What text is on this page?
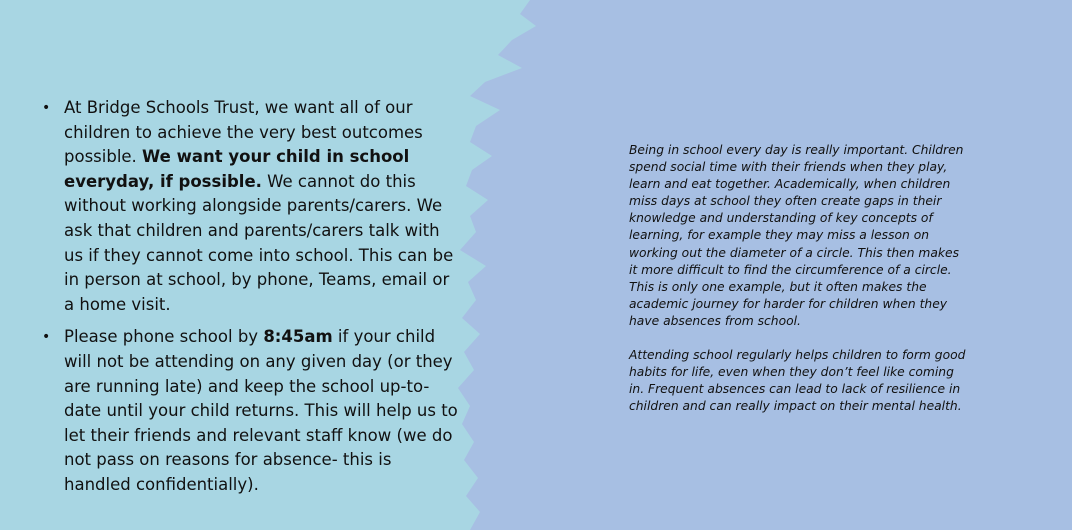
• At Bridge Schools Trust, we want all of our children to achieve the very best outcomes possible. We want your child in school everyday, if possible. We cannot do this without working alongside parents/carers. We ask that children and parents/carers talk with us if they cannot come into school. This can be in person at school, by phone, Teams, email or a home visit.
• Please phone school by 8:45am if your child will not be attending on any given day (or they are running late) and keep the school up-to-date until your child returns. This will help us to let their friends and relevant staff know (we do not pass on reasons for absence- this is handled confidentially).

Being in school every day is really important. Children spend social time with their friends when they play, learn and eat together. Academically, when children miss days at school they often create gaps in their knowledge and understanding of key concepts of learning, for example they may miss a lesson on working out the diameter of a circle. This then makes it more difficult to find the circumference of a circle. This is only one example, but it often makes the academic journey for harder for children when they have absences from school.

Attending school regularly helps children to form good habits for life, even when they don’t feel like coming in. Frequent absences can lead to lack of resilience in children and can really impact on their mental health.
